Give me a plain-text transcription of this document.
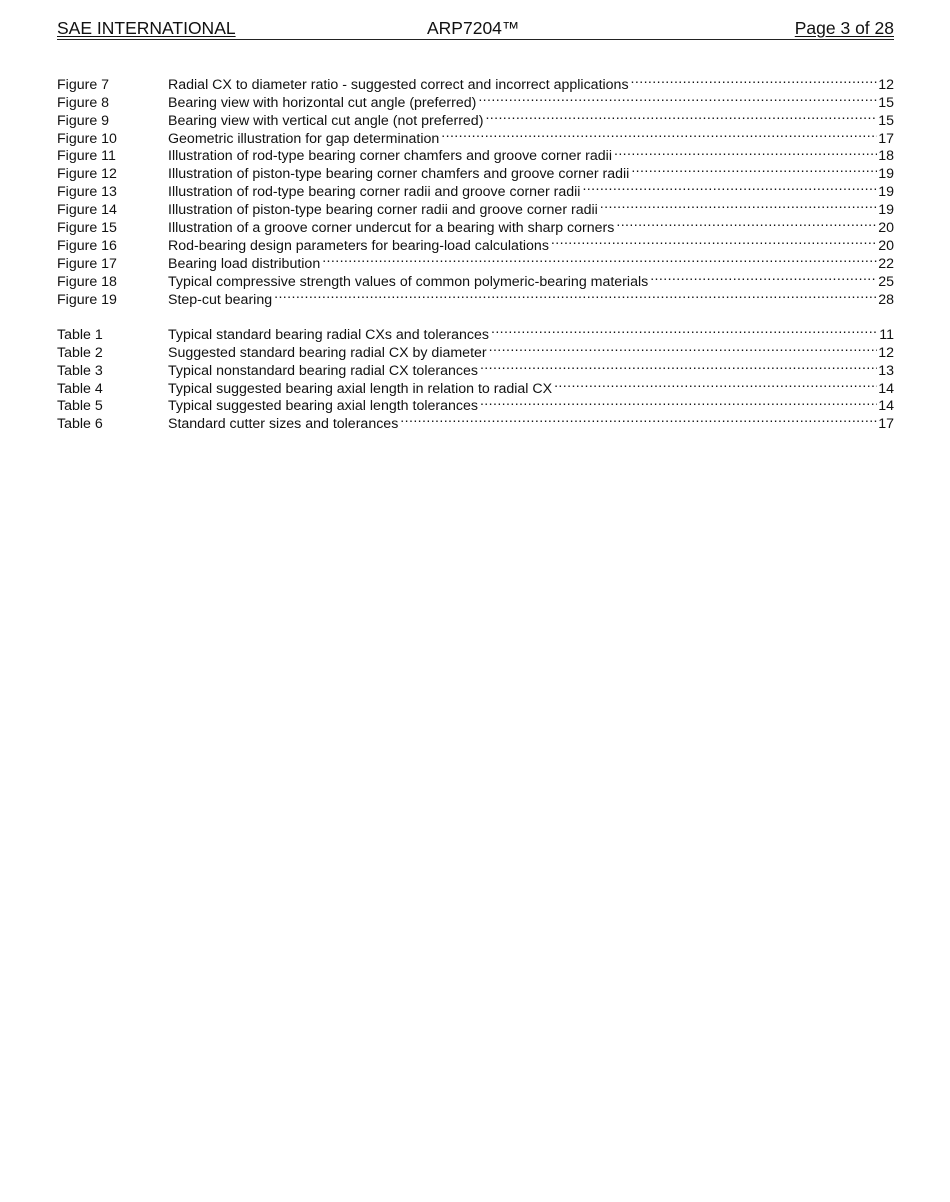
SAE INTERNATIONAL	ARP7204™	Page 3 of 28
Figure 7	Radial CX to diameter ratio - suggested correct and incorrect applications .....	12
Figure 8	Bearing view with horizontal cut angle (preferred) .....	15
Figure 9	Bearing view with vertical cut angle (not preferred) .....	15
Figure 10	Geometric illustration for gap determination .....	17
Figure 11	Illustration of rod-type bearing corner chamfers and groove corner radii .....	18
Figure 12	Illustration of piston-type bearing corner chamfers and groove corner radii .....	19
Figure 13	Illustration of rod-type bearing corner radii and groove corner radii .....	19
Figure 14	Illustration of piston-type bearing corner radii and groove corner radii .....	19
Figure 15	Illustration of a groove corner undercut for a bearing with sharp corners .....	20
Figure 16	Rod-bearing design parameters for bearing-load calculations .....	20
Figure 17	Bearing load distribution .....	22
Figure 18	Typical compressive strength values of common polymeric-bearing materials .....	25
Figure 19	Step-cut bearing .....	28
Table 1	Typical standard bearing radial CXs and tolerances .....	11
Table 2	Suggested standard bearing radial CX by diameter .....	12
Table 3	Typical nonstandard bearing radial CX tolerances .....	13
Table 4	Typical suggested bearing axial length in relation to radial CX .....	14
Table 5	Typical suggested bearing axial length tolerances .....	14
Table 6	Standard cutter sizes and tolerances .....	17
